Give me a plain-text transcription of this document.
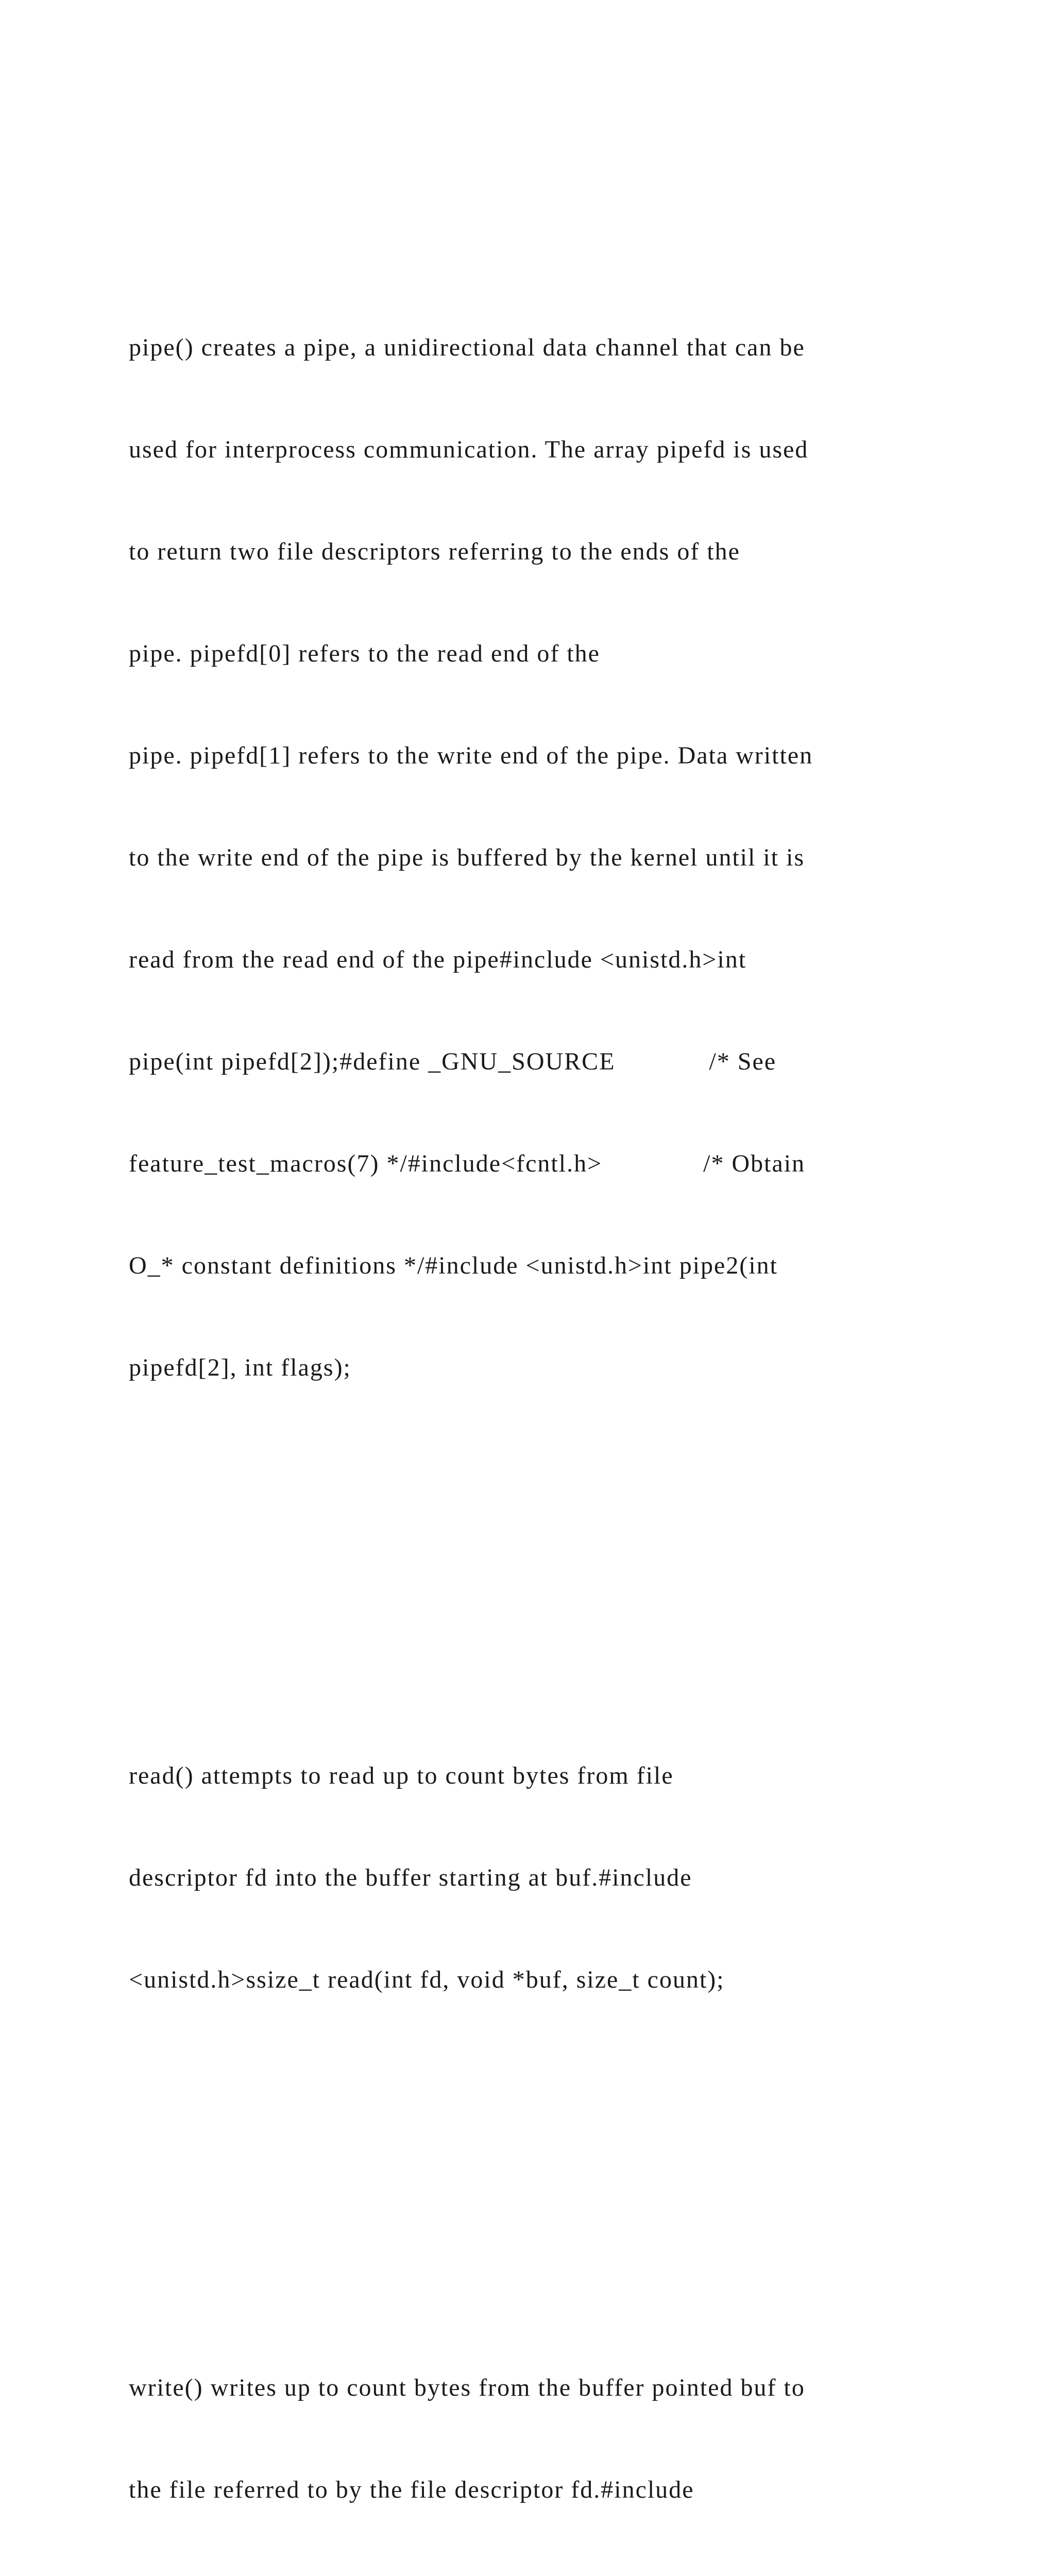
pipe() creates a pipe, a unidirectional data channel that can be

used for interprocess communication. The array pipefd is used

to return two file descriptors referring to the ends of the

pipe. pipefd[0] refers to the read end of the

pipe. pipefd[1] refers to the write end of the pipe. Data written

to the write end of the pipe is buffered by the kernel until it is

read from the read end of the pipe#include <unistd.h>int

pipe(int pipefd[2]);#define _GNU_SOURCE             /* See

feature_test_macros(7) */#include<fcntl.h>              /* Obtain

O_* constant definitions */#include <unistd.h>int pipe2(int

pipefd[2], int flags);

read() attempts to read up to count bytes from file

descriptor fd into the buffer starting at buf.#include

<unistd.h>ssize_t read(int fd, void *buf, size_t count);

write() writes up to count bytes from the buffer pointed buf to

the file referred to by the file descriptor fd.#include
